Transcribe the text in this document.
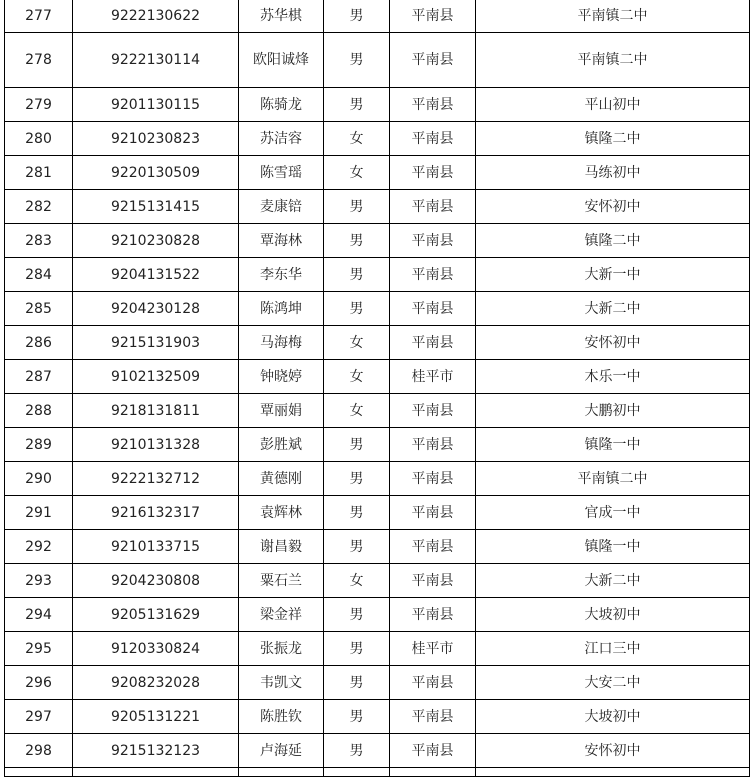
277	9222130622	苏华棋	男	平南县	平南镇二中
278	9222130114	欧阳诚烽	男	平南县	平南镇二中
279	9201130115	陈骑龙	男	平南县	平山初中
280	9210230823	苏洁容	女	平南县	镇隆二中
281	9220130509	陈雪瑶	女	平南县	马练初中
282	9215131415	麦康锫	男	平南县	安怀初中
283	9210230828	覃海林	男	平南县	镇隆二中
284	9204131522	李东华	男	平南县	大新一中
285	9204230128	陈鸿坤	男	平南县	大新二中
286	9215131903	马海梅	女	平南县	安怀初中
287	9102132509	钟晓婷	女	桂平市	木乐一中
288	9218131811	覃丽娟	女	平南县	大鹏初中
289	9210131328	彭胜斌	男	平南县	镇隆一中
290	9222132712	黄德刚	男	平南县	平南镇二中
291	9216132317	袁辉林	男	平南县	官成一中
292	9210133715	谢昌毅	男	平南县	镇隆一中
293	9204230808	粟石兰	女	平南县	大新二中
294	9205131629	梁金祥	男	平南县	大坡初中
295	9120330824	张振龙	男	桂平市	江口三中
296	9208232028	韦凯文	男	平南县	大安二中
297	9205131221	陈胜钦	男	平南县	大坡初中
298	9215132123	卢海延	男	平南县	安怀初中
